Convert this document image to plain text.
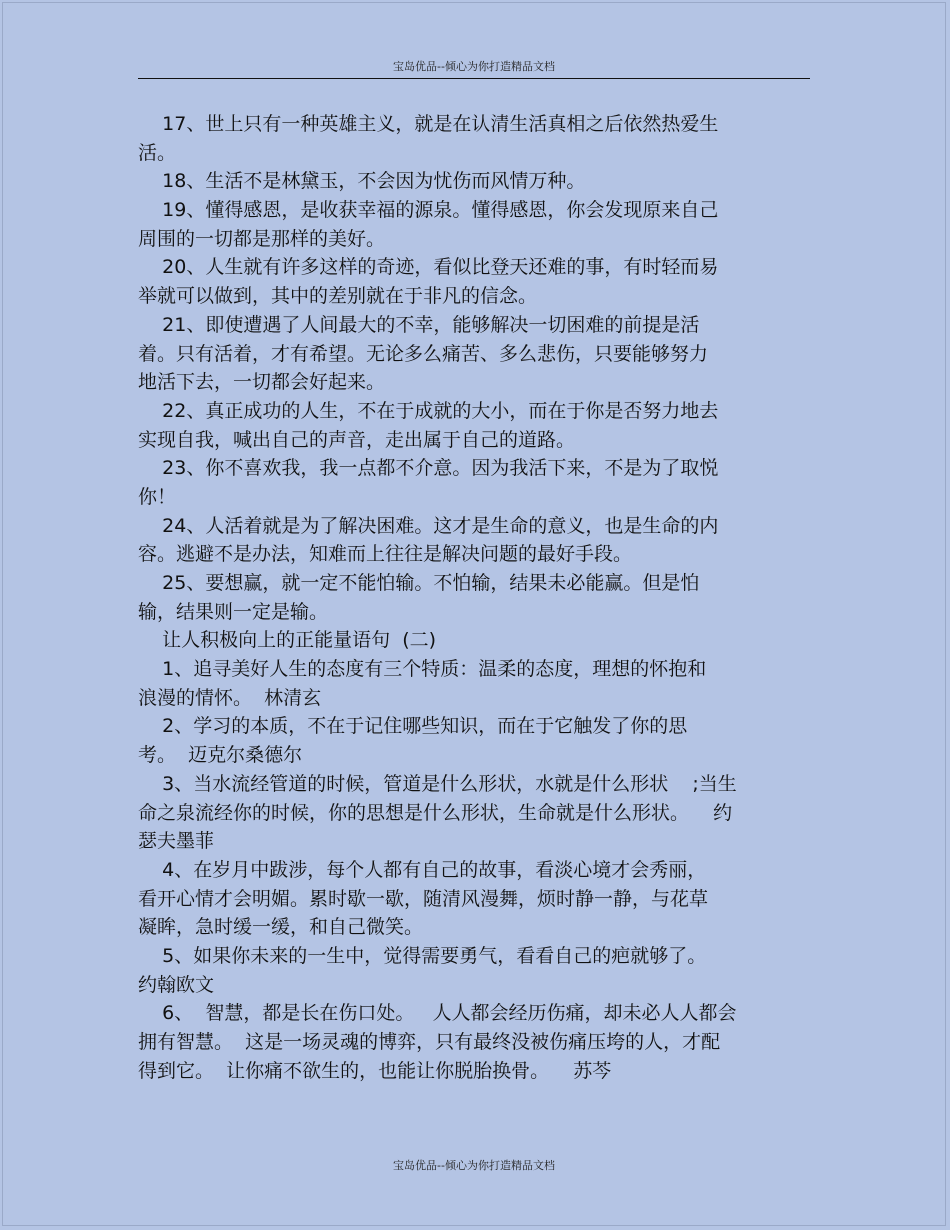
宝岛优品--倾心为你打造精品文档
17、世上只有一种英雄主义，就是在认清生活真相之后依然热爱生
活。
18、生活不是林黛玉，不会因为忧伤而风情万种。
19、懂得感恩，是收获幸福的源泉。懂得感恩，你会发现原来自己
周围的一切都是那样的美好。
20、人生就有许多这样的奇迹，看似比登天还难的事，有时轻而易
举就可以做到，其中的差别就在于非凡的信念。
21、即使遭遇了人间最大的不幸，能够解决一切困难的前提是活
着。只有活着，才有希望。无论多么痛苦、多么悲伤，只要能够努力
地活下去，一切都会好起来。
22、真正成功的人生，不在于成就的大小，而在于你是否努力地去
实现自我，喊出自己的声音，走出属于自己的道路。
23、你不喜欢我，我一点都不介意。因为我活下来，不是为了取悦
你！
24、人活着就是为了解决困难。这才是生命的意义，也是生命的内
容。逃避不是办法，知难而上往往是解决问题的最好手段。
25、要想赢，就一定不能怕输。不怕输，结果未必能赢。但是怕
输，结果则一定是输。
让人积极向上的正能量语句  (二)
1、追寻美好人生的态度有三个特质：温柔的态度，理想的怀抱和
浪漫的情怀。  林清玄
2、学习的本质，不在于记住哪些知识，而在于它触发了你的思
考。  迈克尔桑德尔
3、当水流经管道的时候，管道是什么形状，水就是什么形状    ;当生
命之泉流经你的时候，你的思想是什么形状，生命就是什么形状。    约
瑟夫墨菲
4、在岁月中跋涉，每个人都有自己的故事，看淡心境才会秀丽，
看开心情才会明媚。累时歇一歇，随清风漫舞，烦时静一静，与花草
凝眸，急时缓一缓，和自己微笑。
5、如果你未来的一生中，觉得需要勇气，看看自己的疤就够了。
约翰欧文
6、  智慧，都是长在伤口处。   人人都会经历伤痛，却未必人人都会
拥有智慧。  这是一场灵魂的博弈，只有最终没被伤痛压垮的人，才配
得到它。  让你痛不欲生的，也能让你脱胎换骨。    苏芩
宝岛优品--倾心为你打造精品文档
